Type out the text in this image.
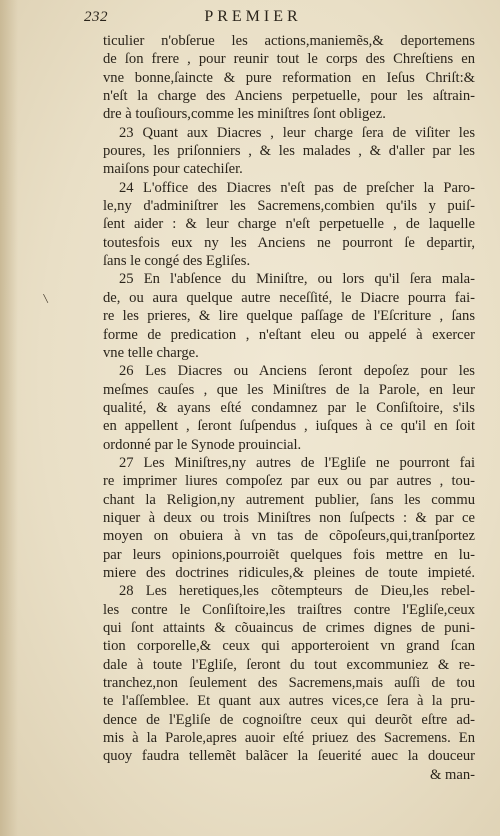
232	PREMIER
\
ticulier n'obſerue les actions,maniemẽs,& deportemens
de ſon frere , pour reunir tout le corps des Chreſtiens en
vne bonne,ſaincte & pure reformation en Ieſus Chriſt:&
n'eſt la charge des Anciens perpetuelle, pour les aſtrain-
dre à touſiours,comme les miniſtres ſont obligez.
23 Quant aux Diacres , leur charge ſera de viſiter les
poures, les priſonniers , & les malades , & d'aller par les
maiſons pour catechiſer.
24 L'office des Diacres n'eſt pas de preſcher la Paro-
le,ny d'adminiſtrer les Sacremens,combien qu'ils y puiſ-
ſent aider : & leur charge n'eſt perpetuelle , de laquelle
toutesfois eux ny les Anciens ne pourront ſe departir,
ſans le congé des Egliſes.
25 En l'abſence du Miniſtre, ou lors qu'il ſera mala-
de, ou aura quelque autre neceſſité, le Diacre pourra fai-
re les prieres, & lire quelque paſſage de l'Eſcriture , ſans
forme de predication , n'eſtant eleu ou appelé à exercer
vne telle charge.
26 Les Diacres ou Anciens ſeront depoſez pour les
meſmes cauſes , que les Miniſtres de la Parole, en leur
qualité, & ayans eſté condamnez par le Conſiſtoire, s'ils
en appellent , ſeront ſuſpendus , iuſques à ce qu'il en ſoit
ordonné par le Synode prouincial.
27 Les Miniſtres,ny autres de l'Egliſe ne pourront fai
re imprimer liures compoſez par eux ou par autres , tou-
chant la Religion,ny autrement publier, ſans les commu
niquer à deux ou trois Miniſtres non ſuſpects : & par ce
moyen on obuiera à vn tas de cõpoſeurs,qui,tranſportez
par leurs opinions,pourroiẽt quelques fois mettre en lu-
miere des doctrines ridicules,& pleines de toute impieté.
28 Les heretiques,les cõtempteurs de Dieu,les rebel-
les contre le Conſiſtoire,les traiſtres contre l'Egliſe,ceux
qui ſont attaints & cõuaincus de crimes dignes de puni-
tion corporelle,& ceux qui apporteroient vn grand ſcan
dale à toute l'Egliſe, ſeront du tout excommuniez & re-
tranchez,non ſeulement des Sacremens,mais auſſi de tou
te l'aſſemblee. Et quant aux autres vices,ce ſera à la pru-
dence de l'Egliſe de cognoiſtre ceux qui deurõt eſtre ad-
mis à la Parole,apres auoir eſté priuez des Sacremens. En
quoy faudra tellemẽt balãcer la ſeuerité auec la douceur
& man-
